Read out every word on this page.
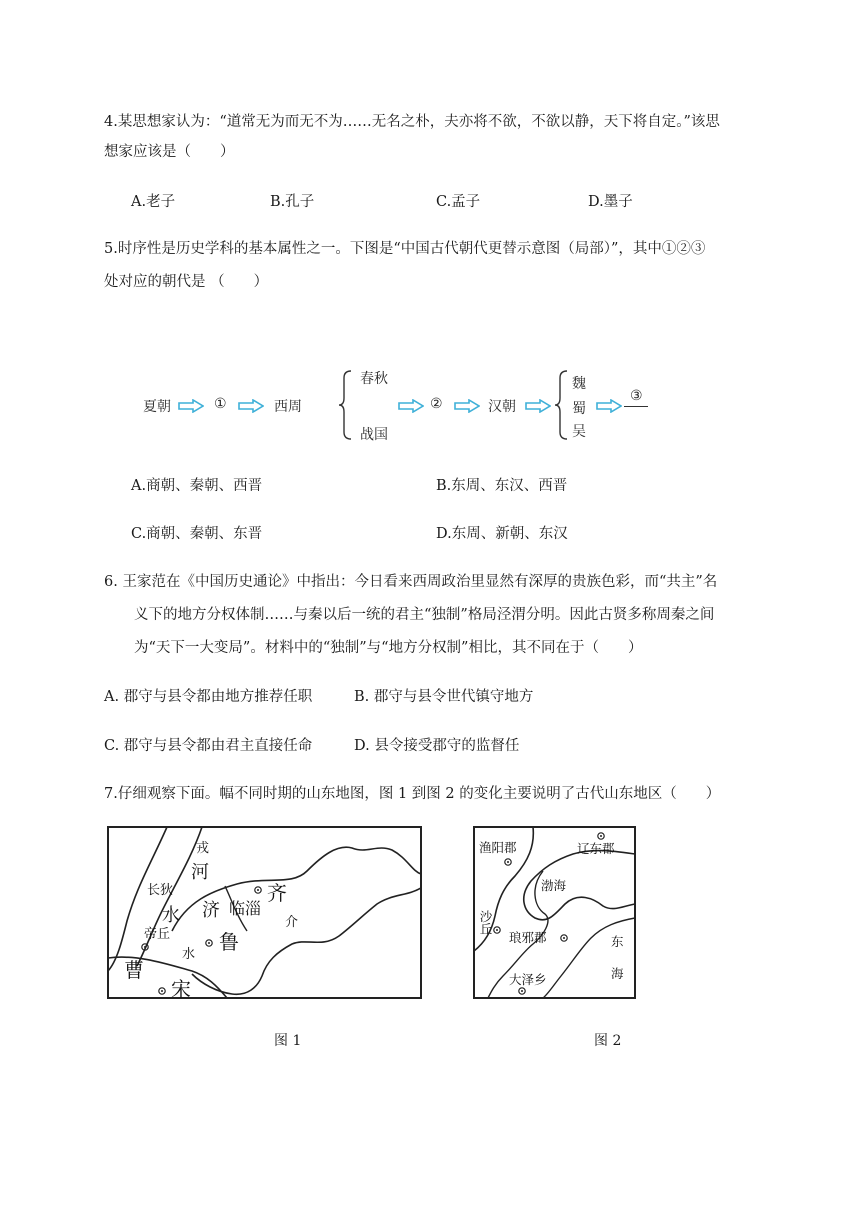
4.某思想家认为：“道常无为而无不为……无名之朴，夫亦将不欲，不欲以静，天下将自定。”该思
想家应该是（　　）
A.老子	B.孔子	C.孟子	D.墨子
5.时序性是历史学科的基本属性之一。下图是“中国古代朝代更替示意图（局部）”，其中①②③
处对应的朝代是 （　　）
夏朝	①	西周
春秋
战国
②	汉朝
魏
蜀
吴
③
A.商朝、秦朝、西晋	B.东周、东汉、西晋
C.商朝、秦朝、东晋	D.东周、新朝、东汉
6. 王家范在《中国历史通论》中指出：今日看来西周政治里显然有深厚的贵族色彩，而“共主”名
义下的地方分权体制……与秦以后一统的君主“独制”格局泾渭分明。因此古贤多称周秦之间
为“天下一大变局”。材料中的“独制”与“地方分权制”相比，其不同在于（　　）
A. 郡守与县令都由地方推荐任职	B. 郡守与县令世代镇守地方
C. 郡守与县令都由君主直接任命	D. 县令接受郡守的监督任
7.仔细观察下面。幅不同时期的山东地图，图 1 到图 2 的变化主要说明了古代山东地区（　　）
戎
河
长狄
水 济 临淄
齐
介
帝丘 鲁
水
曹
宋
渔阳郡	辽东郡
渤海
沙丘
琅邪郡	东
海
大泽乡
图 1	图 2
